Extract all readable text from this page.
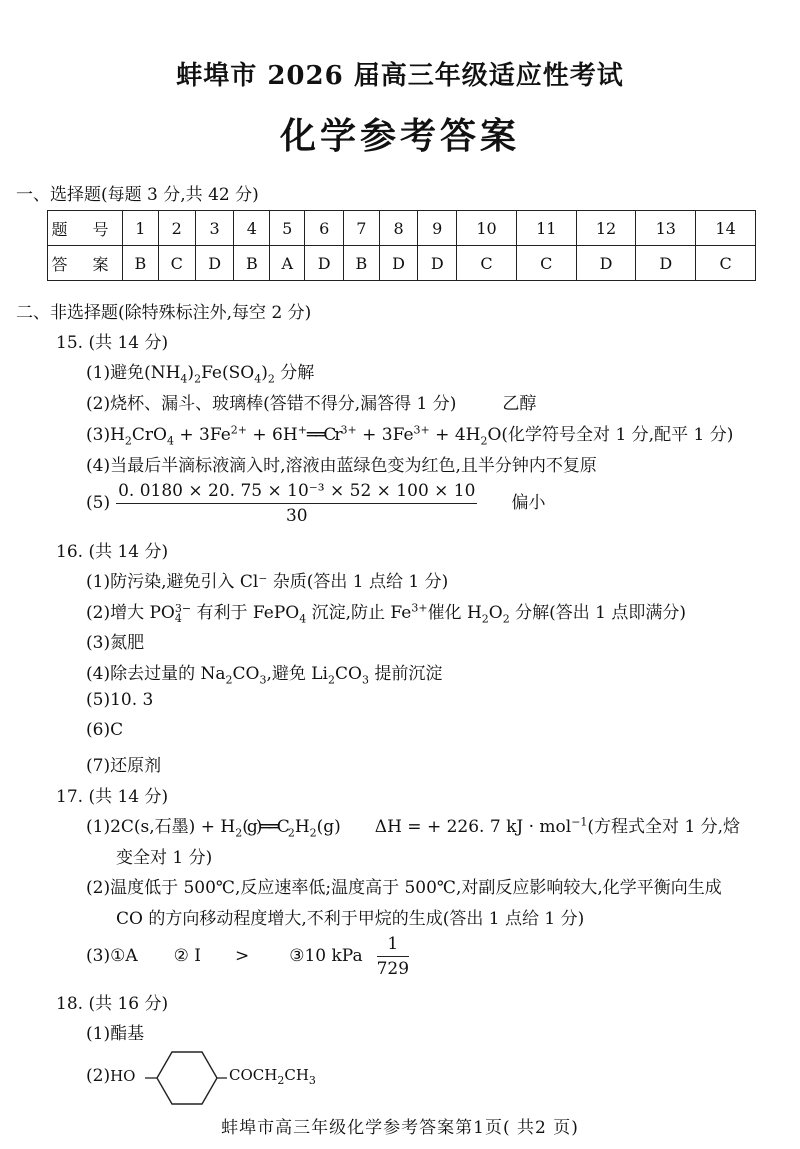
蚌埠市 2026 届高三年级适应性考试
化学参考答案
一、选择题(每题 3 分,共 42 分)
题 号	1	2	3	4	5	6	7	8	9	10	11	12	13	14
答 案	B	C	D	B	A	D	B	D	D	C	C	D	D	C
二、非选择题(除特殊标注外,每空 2 分)
15. (共 14 分)
(1)避免$(NH_4)_2Fe(SO_4)_2$ 分解
(2)烧杯、漏斗、玻璃棒(答错不得分,漏答得 1 分)	乙醇
$(3)H_2CrO_4 + 3Fe^{2+}$ + $6H^+══Cr^{3+} + 3Fe^{3+} + 4H_2O$(化学符号全对 1 分,配平 1 分)
(4)当最后半滴标液滴入时,溶液由蓝绿色变为红色,且半分钟内不复原
$(5) \frac{\text{0. 0180 × 20. 75 × 10⁻³ × 52 × 100 × 10}}{30}$ 偏小
16. (共 14 分)
(1)防污染,避免引入 Cl⁻ 杂质(答出 1 点给 1 分)
(2)增大 PO 3−
4 有利于 FePO$_4$ 沉淀,防止 $Fe^{3+}$催化 $H_2O_2$ 分解(答出 1 点即满分)
(3)氮肥
(4)除去过量的 $Na_2CO_3$,避免 $Li_2CO_3$ 提前沉淀
(5)10. 3
(6)C
(7)还原剂
17. (共 14 分)
(1)2C(s,石墨) + $H_2(g)══C_2H_2(g) \Delta H$ = + 226. 7 kJ · mol$^{-1}$(方程式全对 1 分,焓
变全对 1 分)
(2)温度低于 500℃,反应速率低;温度高于 500℃,对副反应影响较大,化学平衡向生成
CO 的方向移动程度增大,不利于甲烷的生成(答出 1 点给 1 分)
(3)①A ② Ⅰ > ③10 kPa $\frac{1}{729}$
18. (共 16 分)
(1)酯基
(2)HO	$COCH_2CH_3$
蚌埠市高三年级化学参考答案第1页( 共2 页)
